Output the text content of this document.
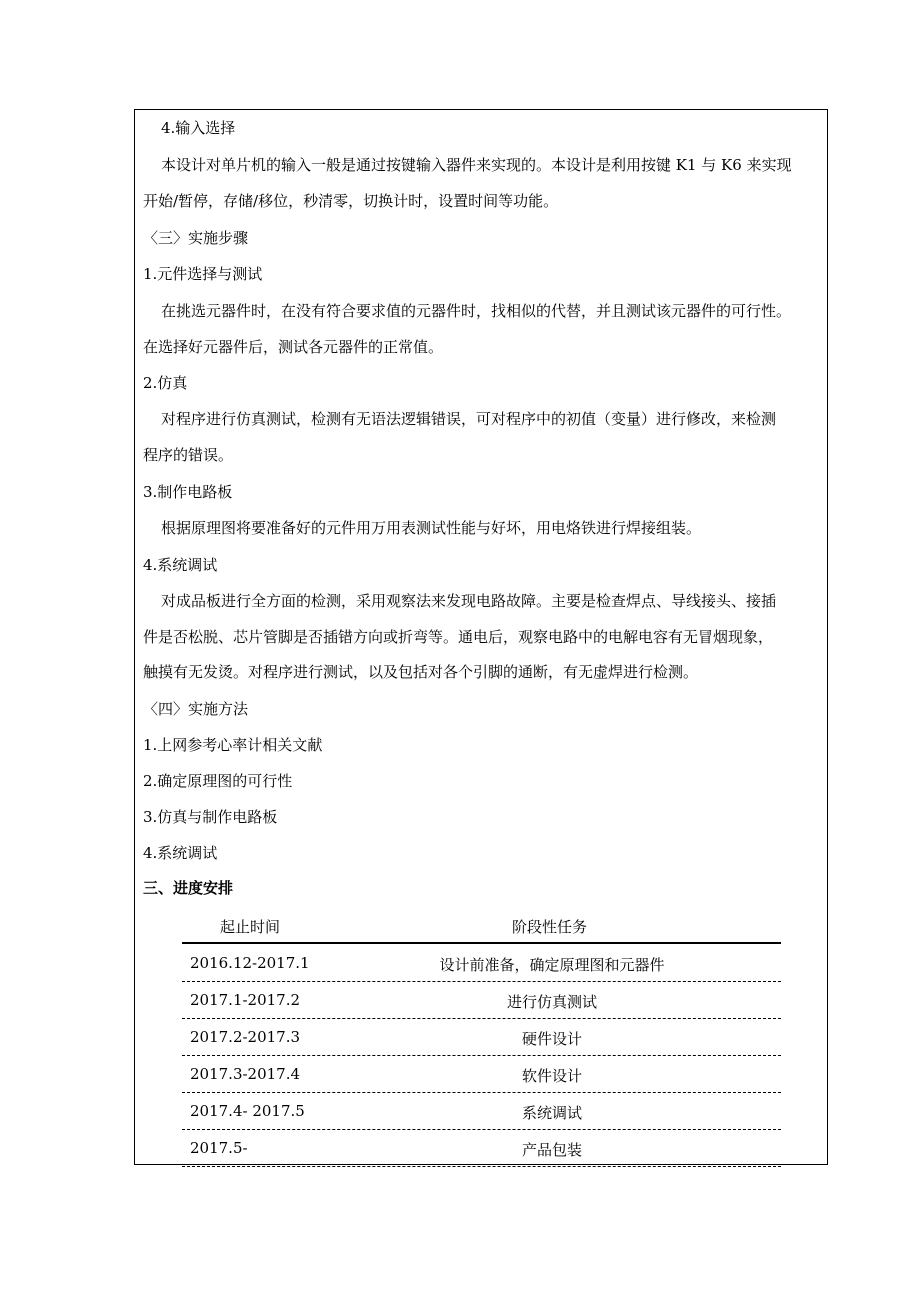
4.输入选择
本设计对单片机的输入一般是通过按键输入器件来实现的。本设计是利用按键 K1 与 K6 来实现
开始/暂停，存储/移位，秒清零，切换计时，设置时间等功能。
〈三〉实施步骤
1.元件选择与测试
在挑选元器件时，在没有符合要求值的元器件时，找相似的代替，并且测试该元器件的可行性。
在选择好元器件后，测试各元器件的正常值。
2.仿真
对程序进行仿真测试，检测有无语法逻辑错误，可对程序中的初值（变量）进行修改，来检测
程序的错误。
3.制作电路板
根据原理图将要准备好的元件用万用表测试性能与好坏，用电烙铁进行焊接组装。
4.系统调试
对成品板进行全方面的检测，采用观察法来发现电路故障。主要是检查焊点、导线接头、接插
件是否松脱、芯片管脚是否插错方向或折弯等。通电后，观察电路中的电解电容有无冒烟现象，
触摸有无发烫。对程序进行测试，以及包括对各个引脚的通断，有无虚焊进行检测。
〈四〉实施方法
1.上网参考心率计相关文献
2.确定原理图的可行性
3.仿真与制作电路板
4.系统调试
三、进度安排
起止时间	阶段性任务
2016.12-2017.1	设计前准备，确定原理图和元器件
2017.1-2017.2	进行仿真测试
2017.2-2017.3	硬件设计
2017.3-2017.4	软件设计
2017.4- 2017.5	系统调试
2017.5-	产品包装
